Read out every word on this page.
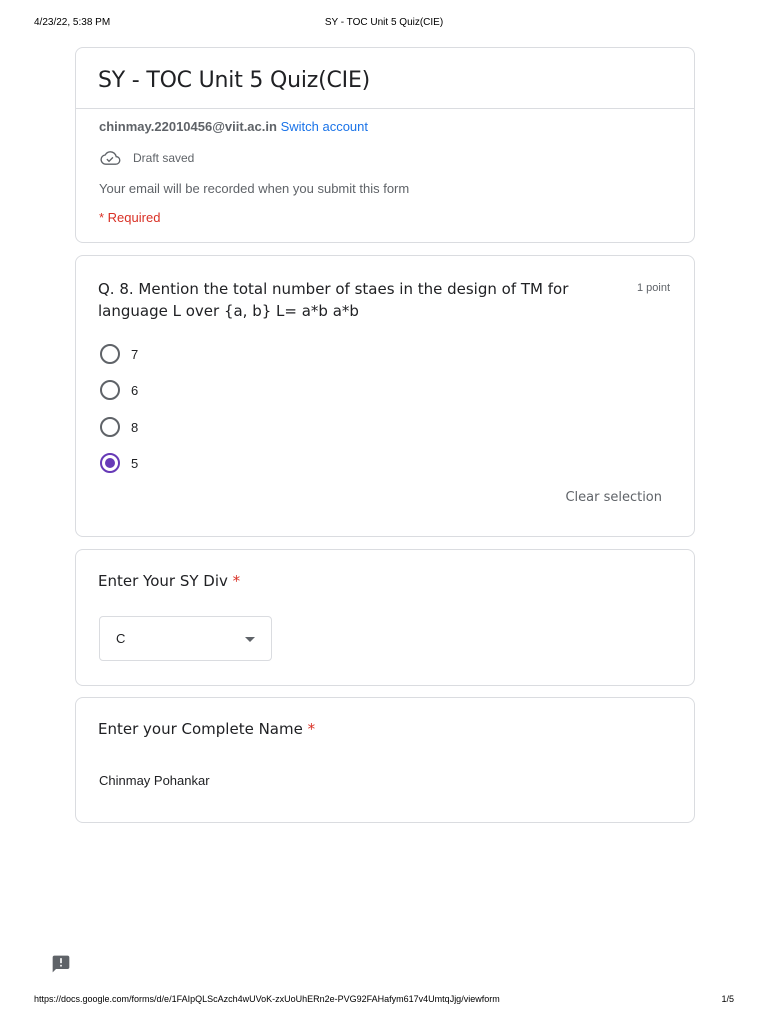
4/23/22, 5:38 PM	SY - TOC Unit 5 Quiz(CIE)
SY - TOC Unit 5 Quiz(CIE)
chinmay.22010456@viit.ac.in Switch account
Draft saved
Your email will be recorded when you submit this form
* Required
Q. 8. Mention the total number of staes in the design of TM for language L over {a, b} L= a*b a*b
1 point
7
6
8
5
Clear selection
Enter Your SY Div *
C
Enter your Complete Name *
Chinmay Pohankar
https://docs.google.com/forms/d/e/1FAIpQLScAzch4wUVoK-zxUoUhERn2e-PVG92FAHafym617v4UmtqJjg/viewform	1/5
